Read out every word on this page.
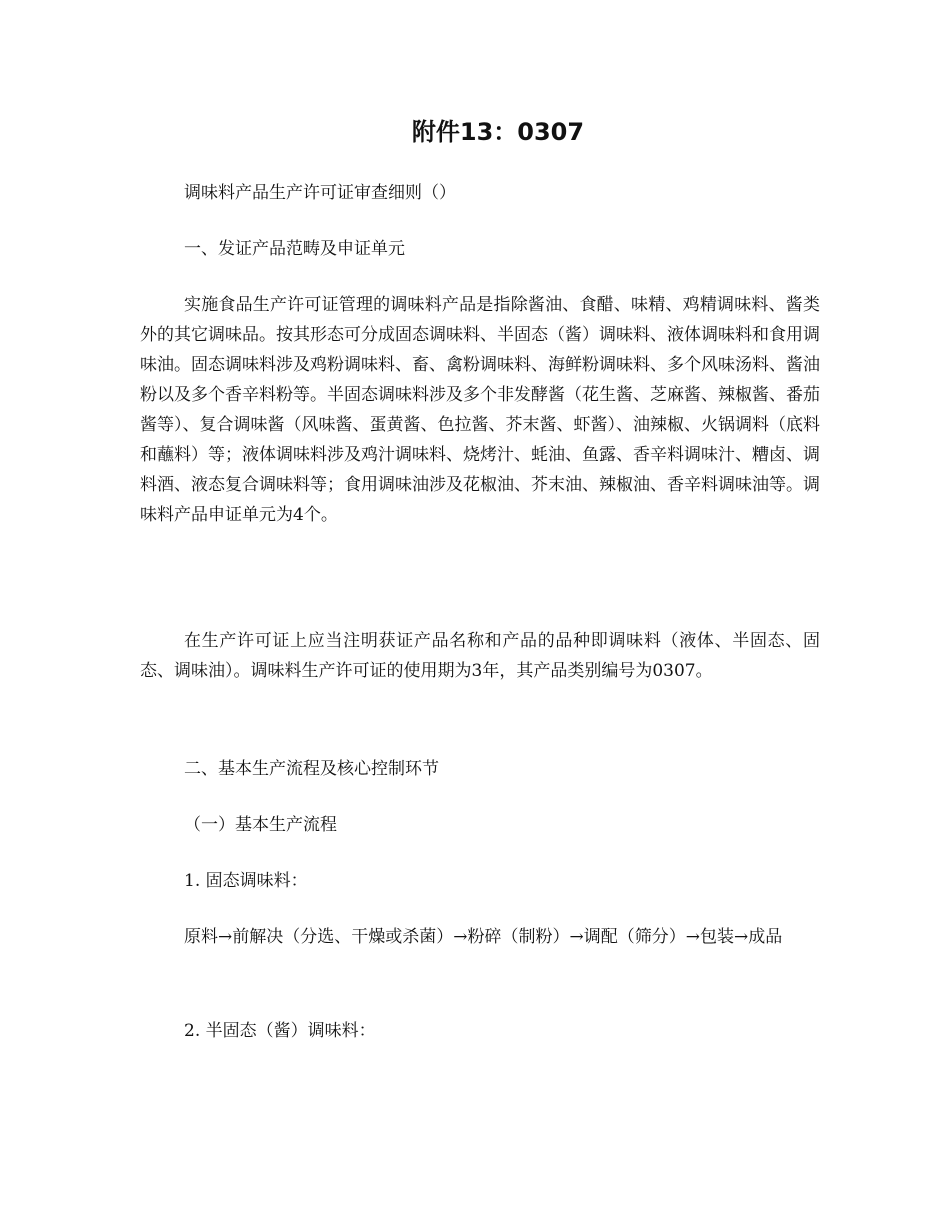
附件13：0307

调味料产品生产许可证审查细则（）

一、发证产品范畴及申证单元

实施食品生产许可证管理的调味料产品是指除酱油、食醋、味精、鸡精调味料、酱类外的其它调味品。按其形态可分成固态调味料、半固态（酱）调味料、液体调味料和食用调味油。固态调味料涉及鸡粉调味料、畜、禽粉调味料、海鲜粉调味料、多个风味汤料、酱油粉以及多个香辛料粉等。半固态调味料涉及多个非发酵酱（花生酱、芝麻酱、辣椒酱、番茄酱等）、复合调味酱（风味酱、蛋黄酱、色拉酱、芥末酱、虾酱）、油辣椒、火锅调料（底料和蘸料）等；液体调味料涉及鸡汁调味料、烧烤汁、蚝油、鱼露、香辛料调味汁、糟卤、调料酒、液态复合调味料等；食用调味油涉及花椒油、芥末油、辣椒油、香辛料调味油等。调味料产品申证单元为4个。

在生产许可证上应当注明获证产品名称和产品的品种即调味料（液体、半固态、固态、调味油）。调味料生产许可证的使用期为3年，其产品类别编号为0307。

二、基本生产流程及核心控制环节

（一）基本生产流程

1. 固态调味料：

原料→前解决（分选、干燥或杀菌）→粉碎（制粉）→调配（筛分）→包装→成品

2. 半固态（酱）调味料：
